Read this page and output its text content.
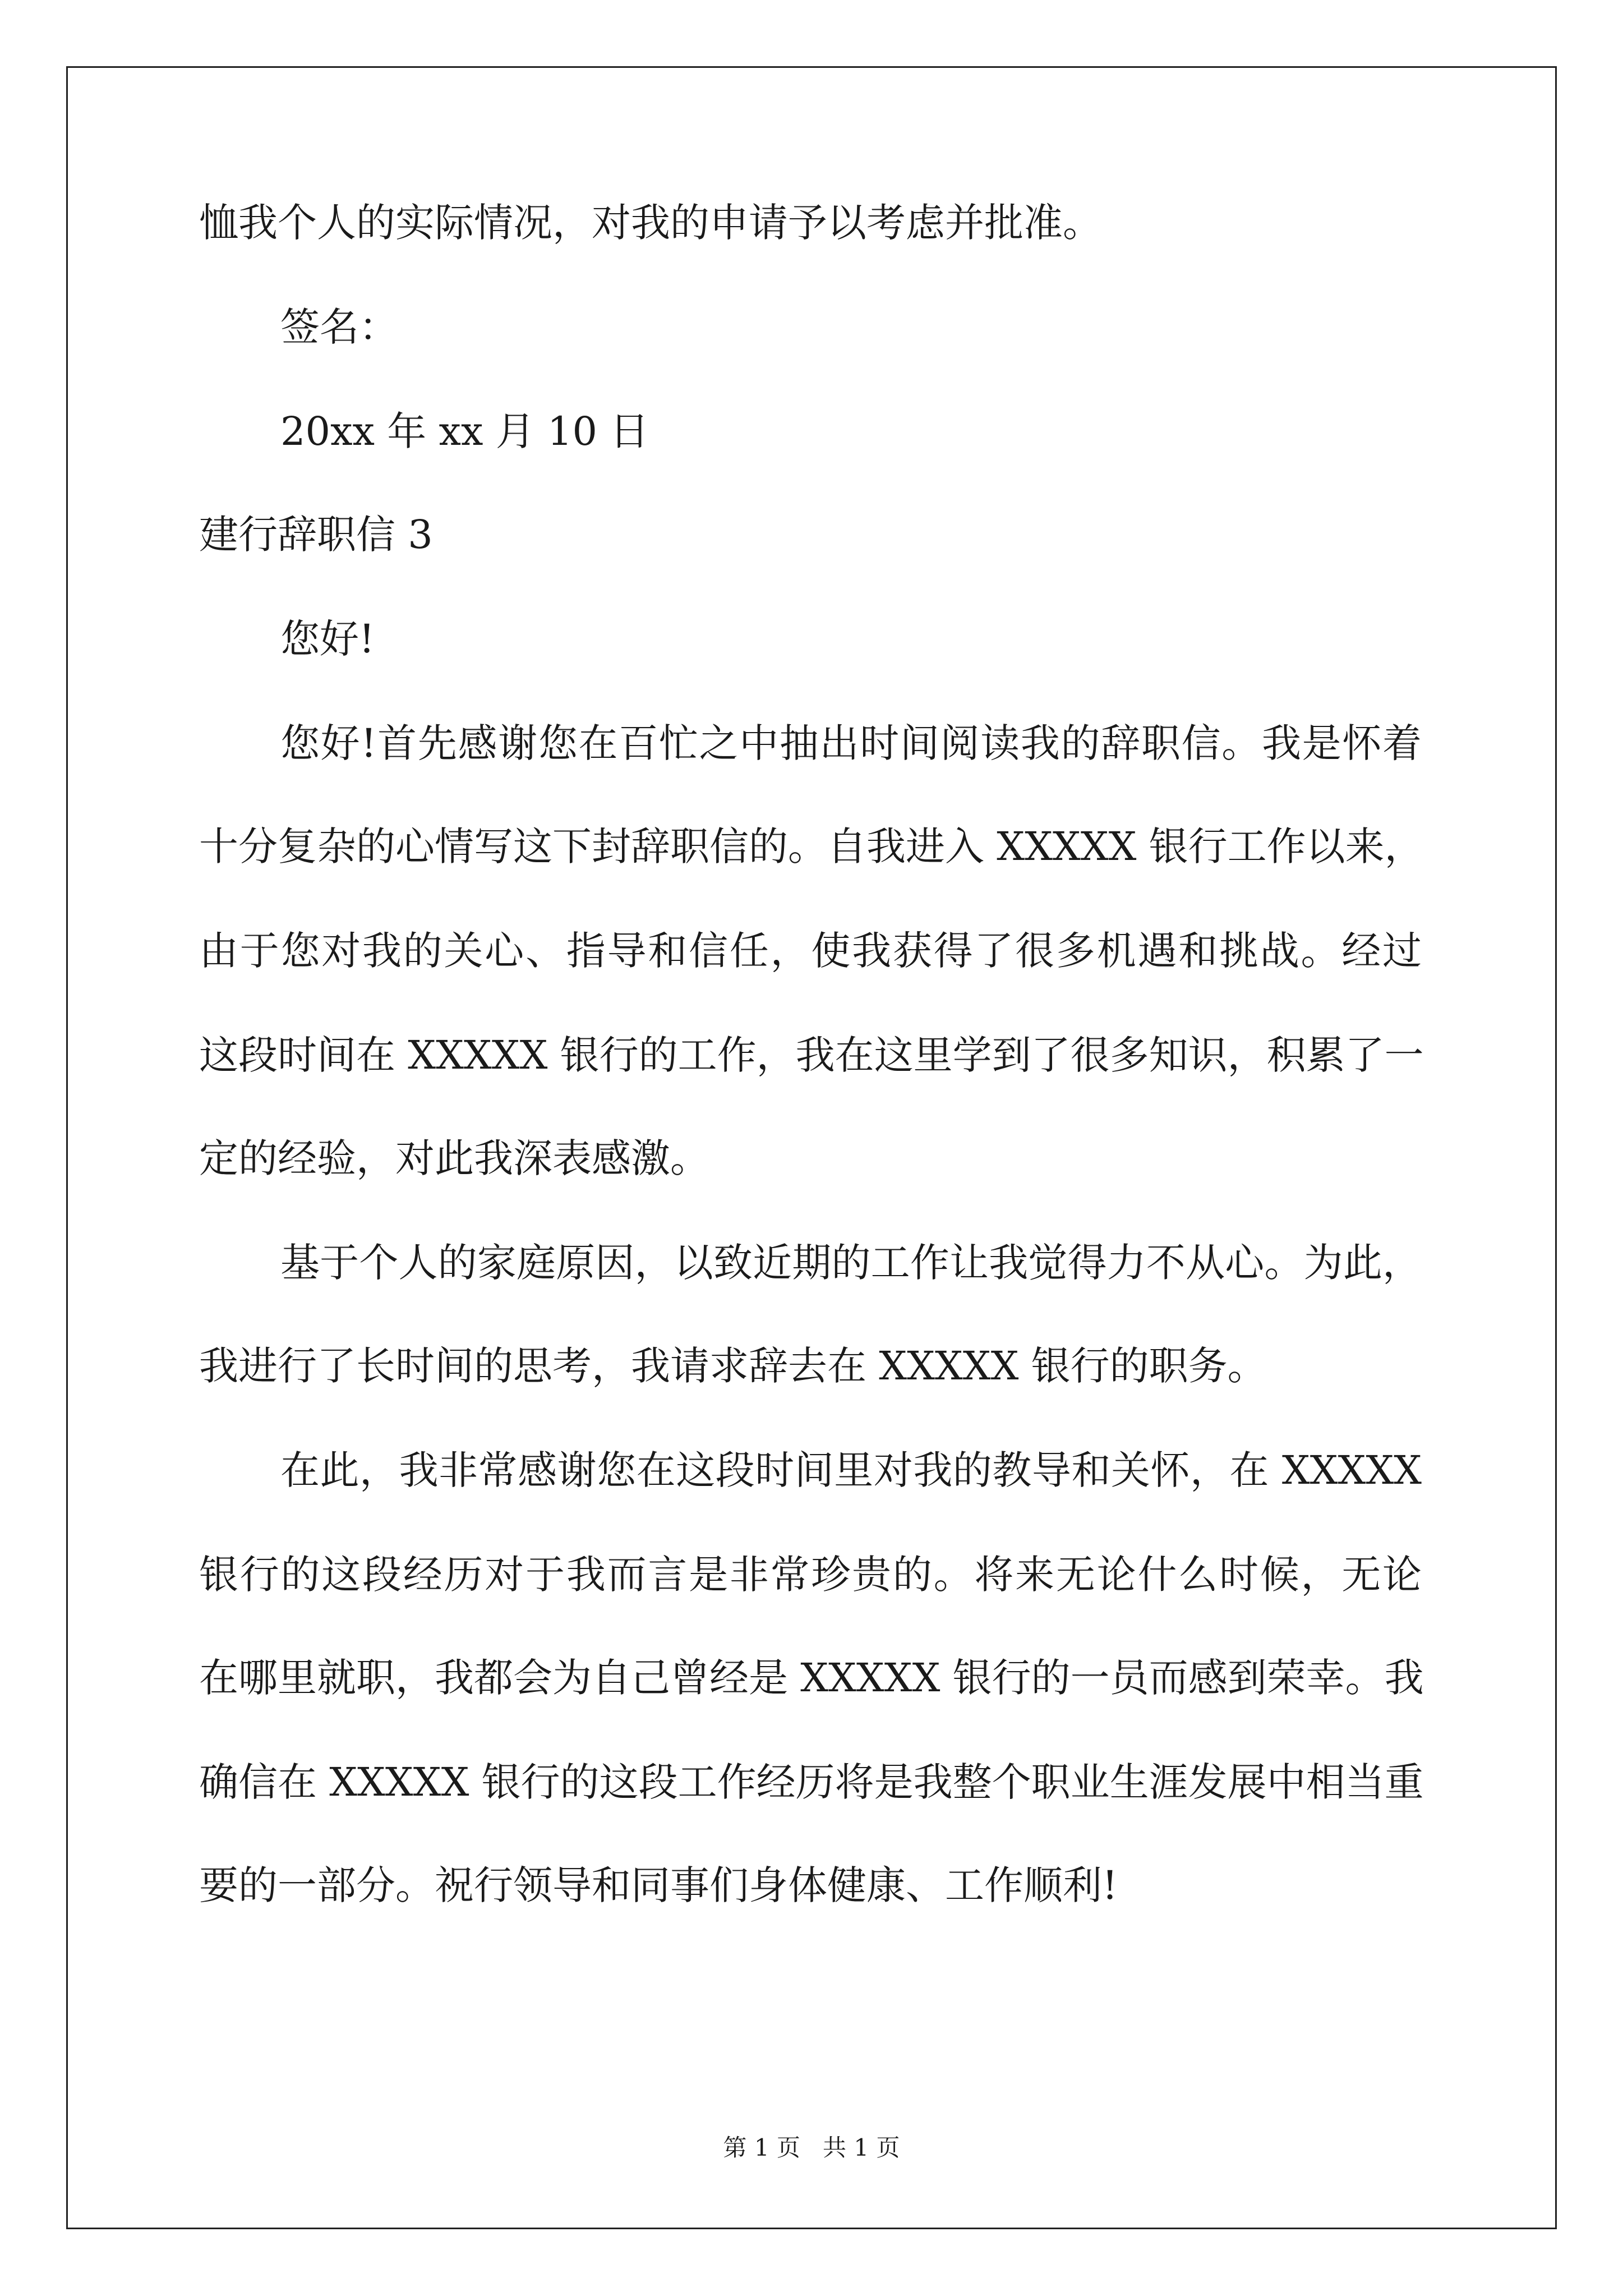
恤我个人的实际情况，对我的申请予以考虑并批准。
签名：
20xx 年 xx 月 10 日
建行辞职信 3
您好!
您好!首先感谢您在百忙之中抽出时间阅读我的辞职信。我是怀着
十分复杂的心情写这下封辞职信的。自我进入 XXXXX 银行工作以来，
由于您对我的关心、指导和信任，使我获得了很多机遇和挑战。经过
这段时间在 XXXXX 银行的工作，我在这里学到了很多知识，积累了一
定的经验，对此我深表感激。
基于个人的家庭原因，以致近期的工作让我觉得力不从心。为此，
我进行了长时间的思考，我请求辞去在 XXXXX 银行的职务。
在此，我非常感谢您在这段时间里对我的教导和关怀，在 XXXXX
银行的这段经历对于我而言是非常珍贵的。将来无论什么时候，无论
在哪里就职，我都会为自己曾经是 XXXXX 银行的一员而感到荣幸。我
确信在 XXXXX 银行的这段工作经历将是我整个职业生涯发展中相当重
要的一部分。祝行领导和同事们身体健康、工作顺利!
第 1 页   共 1 页
